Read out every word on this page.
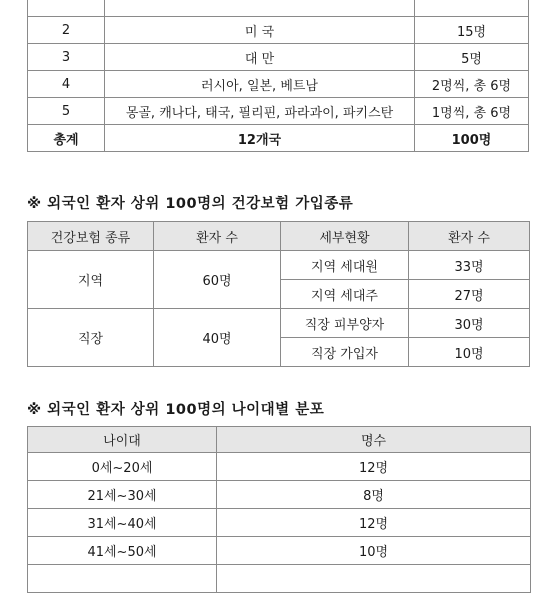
2	미 국	15명
3	대 만	5명
4	러시아, 일본, 베트남	2명씩, 총 6명
5	몽골, 캐나다, 태국, 필리핀, 파라과이, 파키스탄	1명씩, 총 6명
총계	12개국	100명
※ 외국인 환자 상위 100명의 건강보험 가입종류
건강보험 종류	환자 수	세부현황	환자 수
지역	60명	지역 세대원	33명
		지역 세대주	27명
직장	40명	직장 피부양자	30명
		직장 가입자	10명
※ 외국인 환자 상위 100명의 나이대별 분포
나이대	명수
0세~20세	12명
21세~30세	8명
31세~40세	12명
41세~50세	10명
